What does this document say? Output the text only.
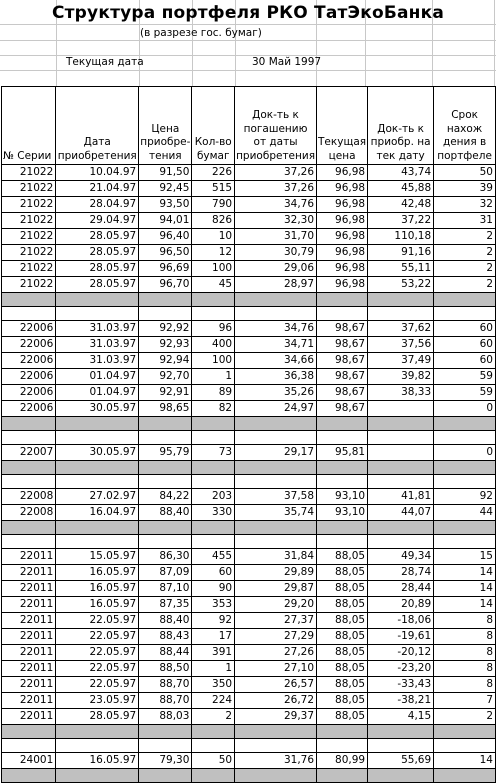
Структура портфеля РКО ТатЭкоБанка
(в разрезе гос. бумаг)
Текущая дата	30 Май 1997
№ Серии	Дата приобретения	Цена приобре-тения	Кол-во бумаг	Док-ть к погашению от даты приобретения	Текущая цена	Док-ть к приобр. на тек дату	Срок нахож дения в портфеле
21022	10.04.97	91,50	226	37,26	96,98	43,74	50
21022	21.04.97	92,45	515	37,26	96,98	45,88	39
21022	28.04.97	93,50	790	34,76	96,98	42,48	32
21022	29.04.97	94,01	826	32,30	96,98	37,22	31
21022	28.05.97	96,40	10	31,70	96,98	110,18	2
21022	28.05.97	96,50	12	30,79	96,98	91,16	2
21022	28.05.97	96,69	100	29,06	96,98	55,11	2
21022	28.05.97	96,70	45	28,97	96,98	53,22	2

22006	31.03.97	92,92	96	34,76	98,67	37,62	60
22006	31.03.97	92,93	400	34,71	98,67	37,56	60
22006	31.03.97	92,94	100	34,66	98,67	37,49	60
22006	01.04.97	92,70	1	36,38	98,67	39,82	59
22006	01.04.97	92,91	89	35,26	98,67	38,33	59
22006	30.05.97	98,65	82	24,97	98,67		0

22007	30.05.97	95,79	73	29,17	95,81		0

22008	27.02.97	84,22	203	37,58	93,10	41,81	92
22008	16.04.97	88,40	330	35,74	93,10	44,07	44

22011	15.05.97	86,30	455	31,84	88,05	49,34	15
22011	16.05.97	87,09	60	29,89	88,05	28,74	14
22011	16.05.97	87,10	90	29,87	88,05	28,44	14
22011	16.05.97	87,35	353	29,20	88,05	20,89	14
22011	22.05.97	88,40	92	27,37	88,05	-18,06	8
22011	22.05.97	88,43	17	27,29	88,05	-19,61	8
22011	22.05.97	88,44	391	27,26	88,05	-20,12	8
22011	22.05.97	88,50	1	27,10	88,05	-23,20	8
22011	22.05.97	88,70	350	26,57	88,05	-33,43	8
22011	23.05.97	88,70	224	26,72	88,05	-38,21	7
22011	28.05.97	88,03	2	29,37	88,05	4,15	2

24001	16.05.97	79,30	50	31,76	80,99	55,69	14
